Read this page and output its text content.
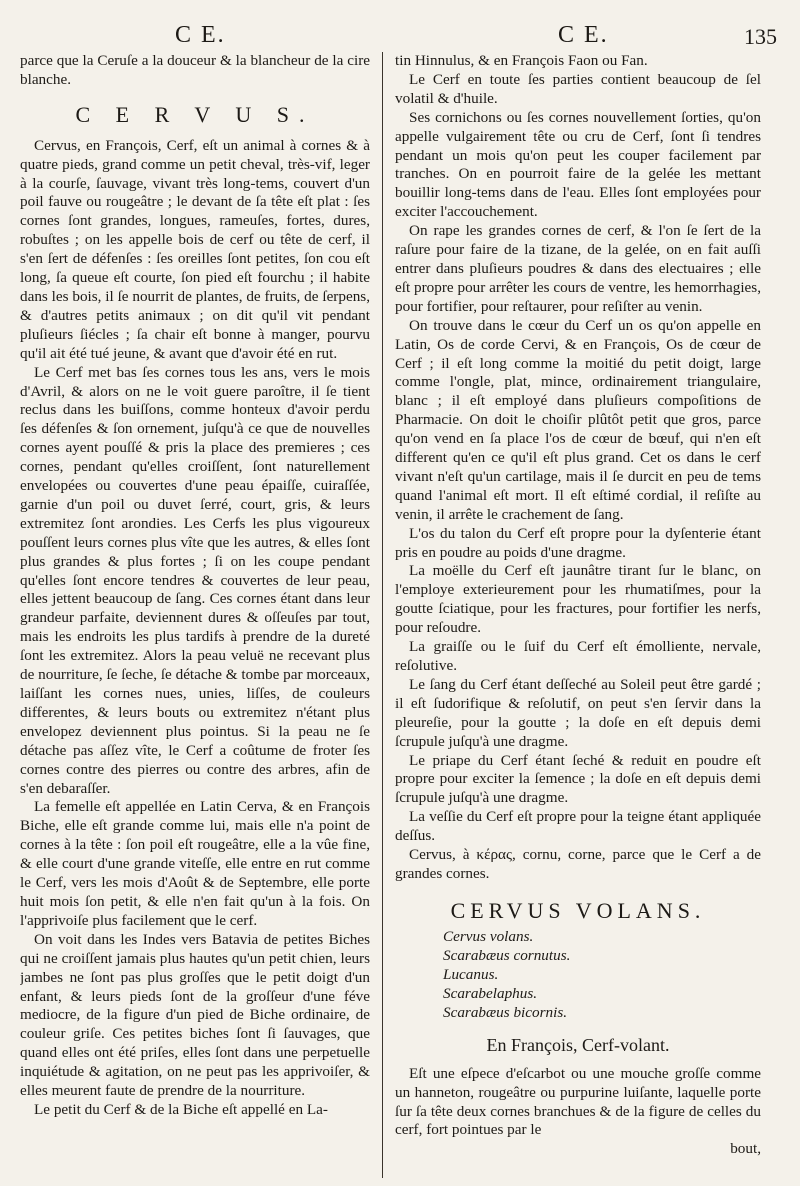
C E.	C E.	135

parce que la Ceruſe a la douceur & la blancheur de la cire blanche.

C E R V U S.

Cervus, en François, Cerf, eſt un animal à cornes & à quatre pieds, grand comme un petit cheval, très-vif, leger à la courſe, ſauvage, vivant très long-tems, couvert d'un poil fauve ou rougeâtre ; le devant de ſa tête eſt plat : ſes cornes ſont grandes, longues, rameuſes, fortes, dures, robuſtes ; on les appelle bois de cerf ou tête de cerf, il s'en ſert de défenſes : ſes oreilles ſont petites, ſon cou eſt long, ſa queue eſt courte, ſon pied eſt fourchu ; il habite dans les bois, il ſe nourrit de plantes, de fruits, de ſerpens, & d'autres petits animaux ; on dit qu'il vit pendant pluſieurs ſiécles ; ſa chair eſt bonne à manger, pourvu qu'il ait été tué jeune, & avant que d'avoir été en rut.

Le Cerf met bas ſes cornes tous les ans, vers le mois d'Avril, & alors on ne le voit guere paroître, il ſe tient reclus dans les buiſſons, comme honteux d'avoir perdu ſes défenſes & ſon ornement, juſqu'à ce que de nouvelles cornes ayent pouſſé & pris la place des premieres ; ces cornes, pendant qu'elles croiſſent, ſont naturellement envelopées ou couvertes d'une peau épaiſſe, cuiraſſée, garnie d'un poil ou duvet ſerré, court, gris, & leurs extremitez ſont arondies. Les Cerfs les plus vigoureux pouſſent leurs cornes plus vîte que les autres, & elles ſont plus grandes & plus fortes ; ſi on les coupe pendant qu'elles ſont encore tendres & couvertes de leur peau, elles jettent beaucoup de ſang. Ces cornes étant dans leur grandeur parfaite, deviennent dures & oſſeuſes par tout, mais les endroits les plus tardifs à prendre de la dureté ſont les extremitez. Alors la peau veluë ne recevant plus de nourriture, ſe ſeche, ſe détache & tombe par morceaux, laiſſant les cornes nues, unies, liſſes, de couleurs differentes, & leurs bouts ou extremitez n'étant plus envelopez deviennent plus pointus. Si la peau ne ſe détache pas aſſez vîte, le Cerf a coûtume de froter ſes cornes contre des pierres ou contre des arbres, afin de s'en debaraſſer.

La femelle eſt appellée en Latin Cerva, & en François Biche, elle eſt grande comme lui, mais elle n'a point de cornes à la tête : ſon poil eſt rougeâtre, elle a la vûe fine, & elle court d'une grande viteſſe, elle entre en rut comme le Cerf, vers les mois d'Août & de Septembre, elle porte huit mois ſon petit, & elle n'en fait qu'un à la fois. On l'apprivoiſe plus facilement que le cerf.

On voit dans les Indes vers Batavia de petites Biches qui ne croiſſent jamais plus hautes qu'un petit chien, leurs jambes ne ſont pas plus groſſes que le petit doigt d'un enfant, & leurs pieds ſont de la groſſeur d'une féve mediocre, de la figure d'un pied de Biche ordinaire, de couleur griſe. Ces petites biches ſont ſi ſauvages, que quand elles ont été priſes, elles ſont dans une perpetuelle inquiétude & agitation, on ne peut pas les apprivoiſer, & elles meurent faute de prendre de la nourriture.

Le petit du Cerf & de la Biche eſt appellé en La-

tin Hinnulus, & en François Faon ou Fan.

Le Cerf en toute ſes parties contient beaucoup de ſel volatil & d'huile.

Ses cornichons ou ſes cornes nouvellement ſorties, qu'on appelle vulgairement tête ou cru de Cerf, ſont ſi tendres pendant un mois qu'on peut les couper facilement par tranches. On en pourroit faire de la gelée les mettant bouillir long-tems dans de l'eau. Elles ſont employées pour exciter l'accouchement.

On rape les grandes cornes de cerf, & l'on ſe ſert de la raſure pour faire de la tizane, de la gelée, on en fait auſſi entrer dans pluſieurs poudres & dans des electuaires ; elle eſt propre pour arrêter les cours de ventre, les hemorrhagies, pour fortifier, pour reſtaurer, pour reſiſter au venin.

On trouve dans le cœur du Cerf un os qu'on appelle en Latin, Os de corde Cervi, & en François, Os de cœur de Cerf ; il eſt long comme la moitié du petit doigt, large comme l'ongle, plat, mince, ordinairement triangulaire, blanc ; il eſt employé dans pluſieurs compoſitions de Pharmacie. On doit le choiſir plûtôt petit que gros, parce qu'on vend en ſa place l'os de cœur de bœuf, qui n'en eſt different qu'en ce qu'il eſt plus grand. Cet os dans le cerf vivant n'eſt qu'un cartilage, mais il ſe durcit en peu de tems quand l'animal eſt mort. Il eſt eſtimé cordial, il reſiſte au venin, il arrête le crachement de ſang.

L'os du talon du Cerf eſt propre pour la dyſenterie étant pris en poudre au poids d'une dragme.

La moëlle du Cerf eſt jaunâtre tirant ſur le blanc, on l'employe exterieurement pour les rhumatiſmes, pour la goutte ſciatique, pour les fractures, pour fortifier les nerfs, pour reſoudre.

La graiſſe ou le ſuif du Cerf eſt émolliente, nervale, reſolutive.

Le ſang du Cerf étant deſſeché au Soleil peut être gardé ; il eſt ſudorifique & reſolutif, on peut s'en ſervir dans la pleureſie, pour la goutte ; la doſe en eſt depuis demi ſcrupule juſqu'à une dragme.

Le priape du Cerf étant ſeché & reduit en poudre eſt propre pour exciter la ſemence ; la doſe en eſt depuis demi ſcrupule juſqu'à une dragme.

La veſſie du Cerf eſt propre pour la teigne étant appliquée deſſus.

Cervus, à κέρας, cornu, corne, parce que le Cerf a de grandes cornes.

CERVUS VOLANS.
Cervus volans.
Scarabæus cornutus.
Lucanus.
Scarabelaphus.
Scarabæus bicornis.
En François, Cerf-volant.

Eſt une eſpece d'eſcarbot ou une mouche groſſe comme un hanneton, rougeâtre ou purpurine luiſante, laquelle porte ſur ſa tête deux cornes branchues & de la figure de celles du cerf, fort pointues par le

bout,
